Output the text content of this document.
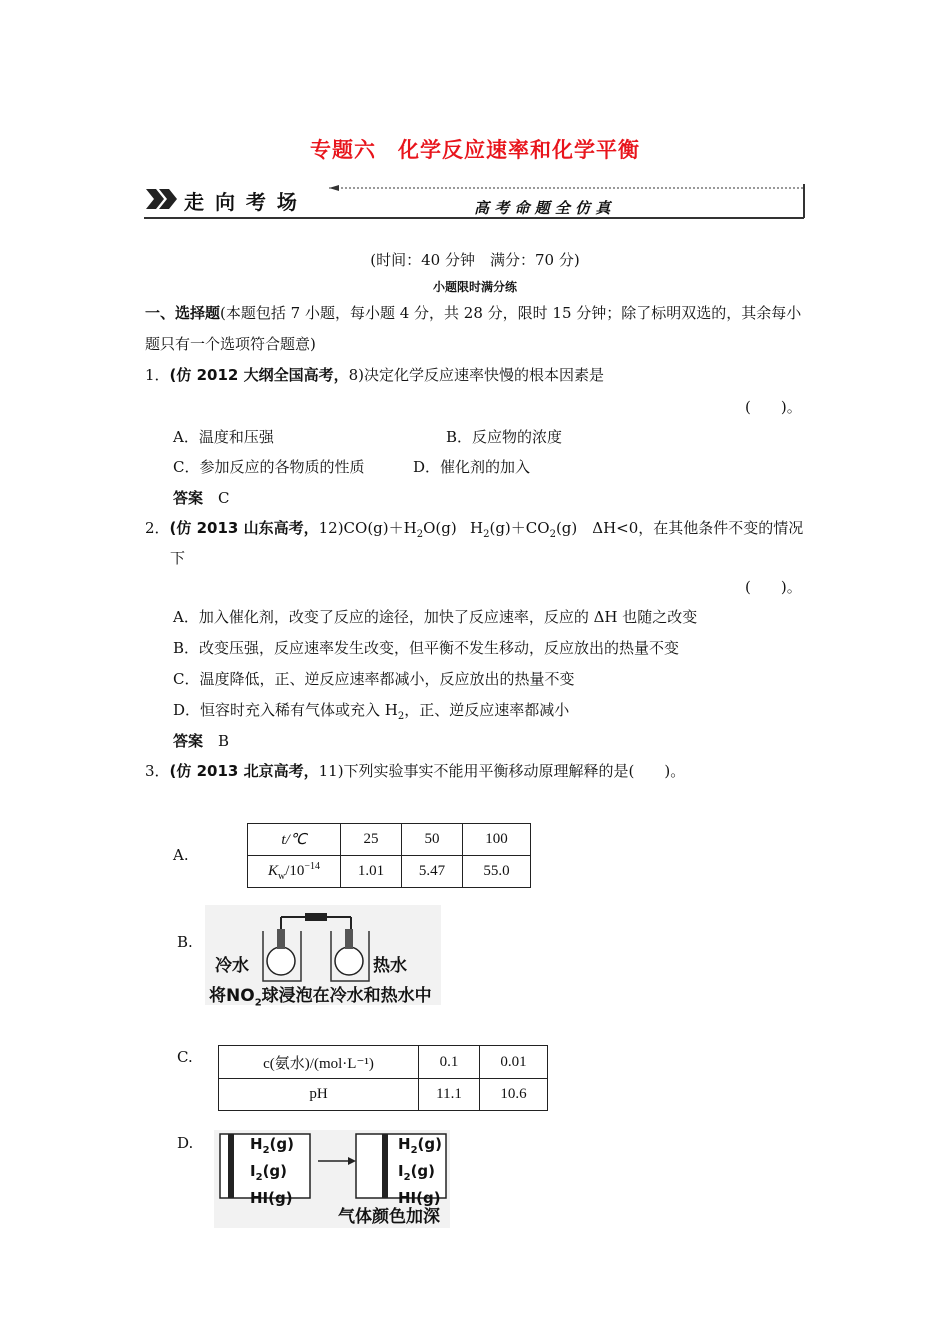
专题六　化学反应速率和化学平衡
走 向 考 场	高 考 命 题 全 仿 真
(时间：40 分钟　满分：70 分)
小题限时满分练
一、选择题(本题包括 7 小题，每小题 4 分，共 28 分，限时 15 分钟；除了标明双选的，其余每小
题只有一个选项符合题意)
1．(仿 2012 大纲全国高考，8)决定化学反应速率快慢的根本因素是
(　　)。
A．温度和压强	B．反应物的浓度
C．参加反应的各物质的性质	D．催化剂的加入
答案　 C
2．(仿 2013 山东高考，$12)CO(g)+H_2O(g)$ $H_2(g)+CO_2(g)$　ΔH<0，在其他条件不变的情况
下
(　　)。
A．加入催化剂，改变了反应的途径，加快了反应速率，反应的 ΔH 也随之改变
B．改变压强，反应速率发生改变，但平衡不发生移动，反应放出的热量不变
C．温度降低，正、逆反应速率都减小，反应放出的热量不变
D．恒容时充入稀有气体或充入 $H_2$，正、逆反应速率都减小
答案　 B
3．(仿 2013 北京高考，11)下列实验事实不能用平衡移动原理解释的是(　　)。
A.
t/℃	25	50	100
$K_w/10^{-14}$	1.01	5.47	55.0
B.
冷水	热水
将$NO_2$球浸泡在冷水和热水中
C.	c(氨水)/(mol·L⁻¹)	0.1	0.01
pH	11.1	10.6
D.	$H_2(g)$
$I_2(g)$
HI(g)
$H_2(g)$
$I_2(g)$
HI(g)
气体颜色加深
